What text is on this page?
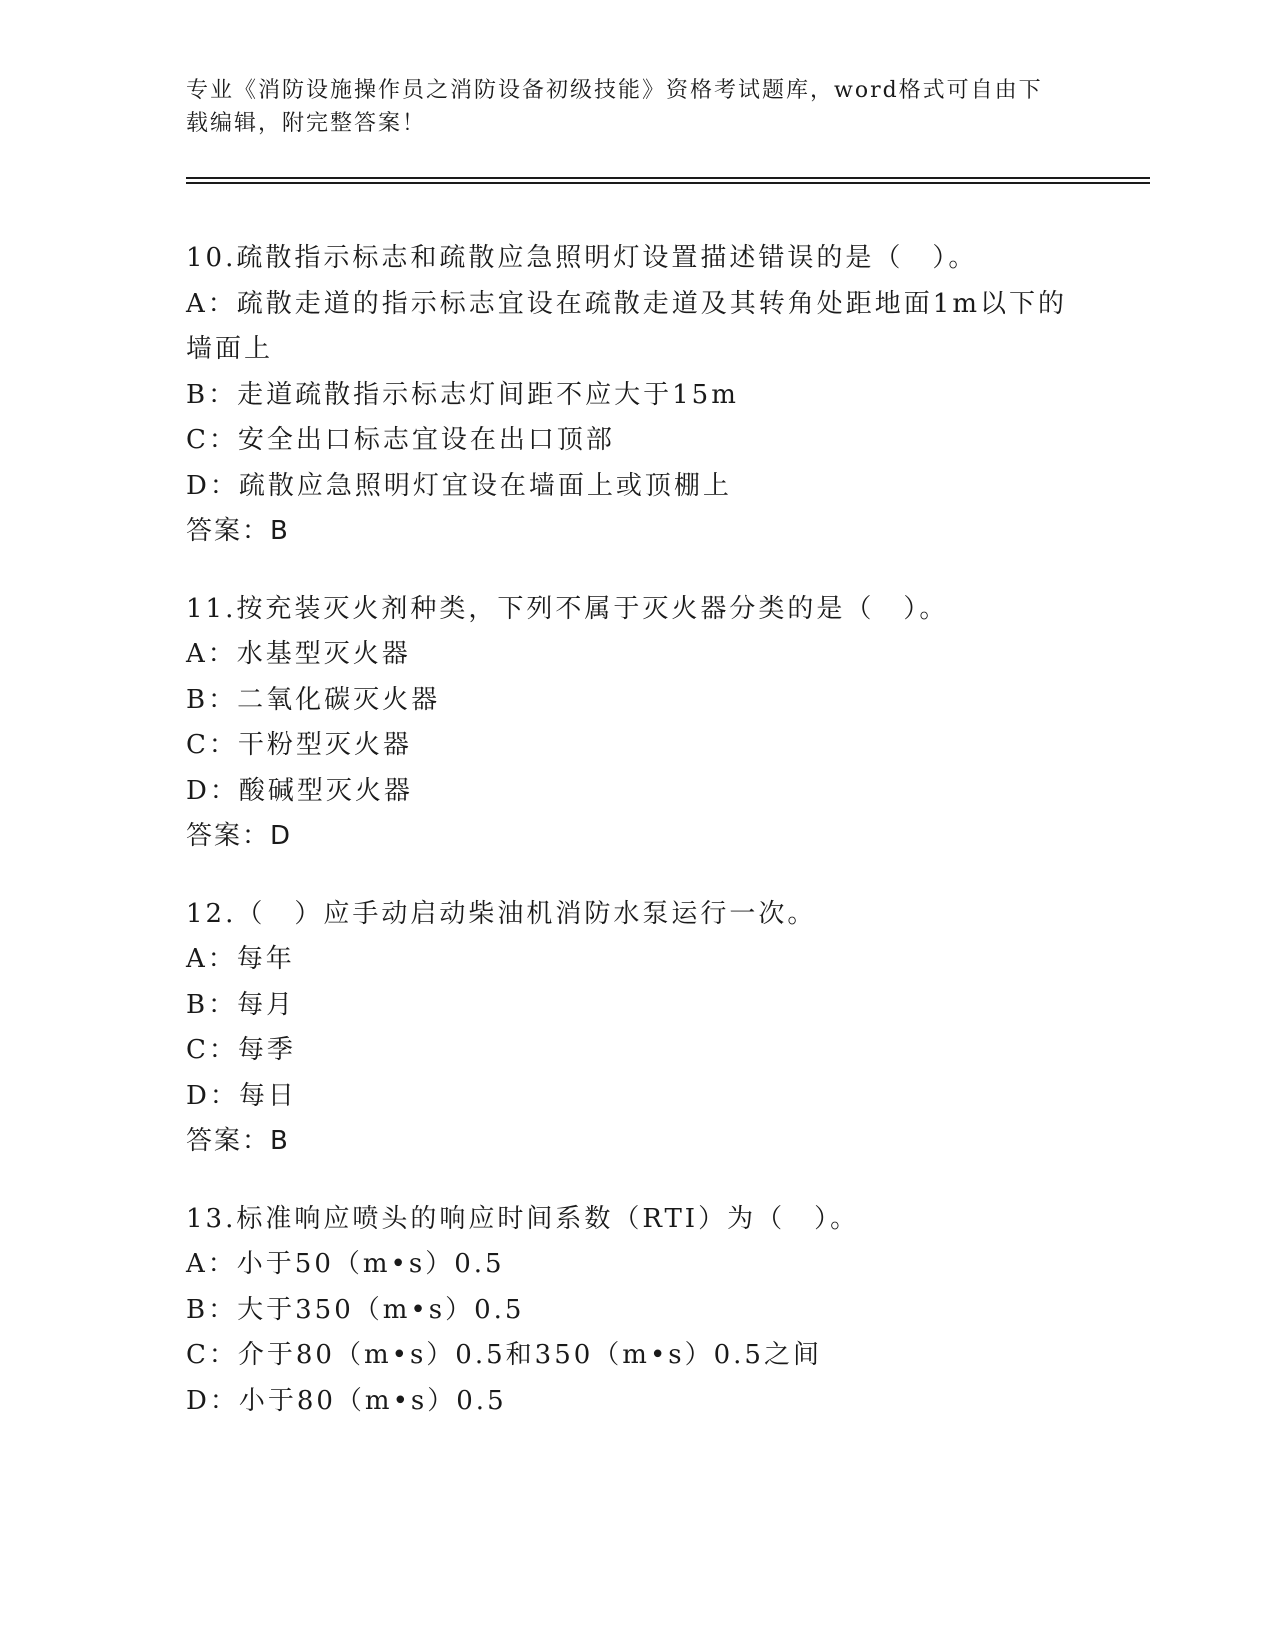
专业《消防设施操作员之消防设备初级技能》资格考试题库，word格式可自由下载编辑，附完整答案！
10.疏散指示标志和疏散应急照明灯设置描述错误的是（　）。
A：疏散走道的指示标志宜设在疏散走道及其转角处距地面1m以下的墙面上
B：走道疏散指示标志灯间距不应大于15m
C：安全出口标志宜设在出口顶部
D：疏散应急照明灯宜设在墙面上或顶棚上
答案：B
11.按充装灭火剂种类，下列不属于灭火器分类的是（　）。
A：水基型灭火器
B：二氧化碳灭火器
C：干粉型灭火器
D：酸碱型灭火器
答案：D
12.（　）应手动启动柴油机消防水泵运行一次。
A：每年
B：每月
C：每季
D：每日
答案：B
13.标准响应喷头的响应时间系数（RTI）为（　）。
A：小于50（m•s）0.5
B：大于350（m•s）0.5
C：介于80（m•s）0.5和350（m•s）0.5之间
D：小于80（m•s）0.5
